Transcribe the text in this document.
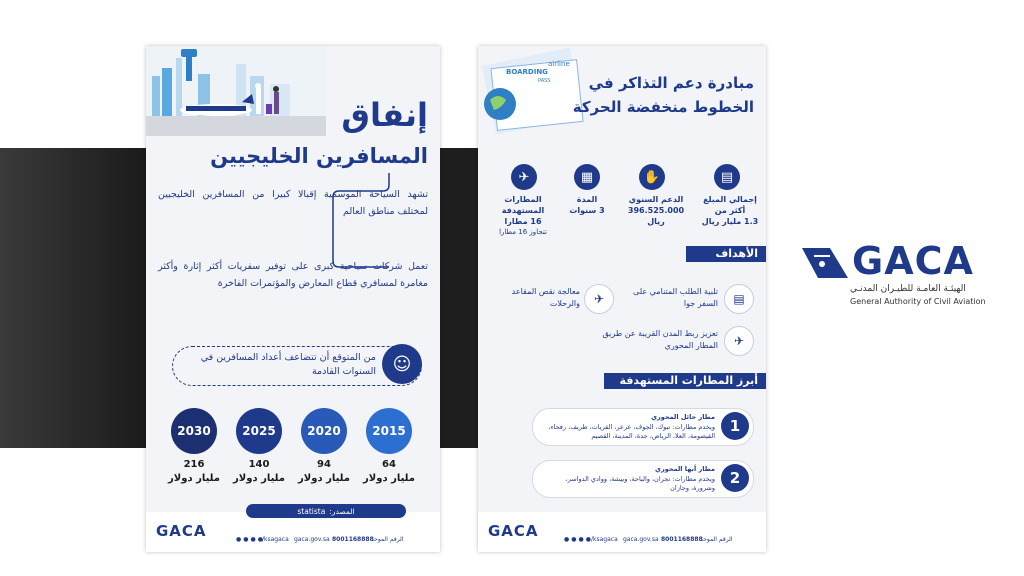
إنفاق
المسافرين الخليجيين
تشهد السياحة الموسمية إقبالا كبيرا من المسافرين الخليجيين لمختلف مناطق العالم
تعمل شركات سياحية كبرى على توفير سفريات أكثر إثارة وأكثر مغامرة لمسافري قطاع المعارض والمؤتمرات الفاخرة
من المتوقع أن تتضاعف أعداد المسافرين في السنوات القادمة ☺
2015
2020
2025
2030
64
مليار دولار
94
مليار دولار
140
مليار دولار
216
مليار دولار
المصدر:
statista
GACA	الرقم الموحد
8001168888
gaca.gov.sa
/ksagaca
●●●●
BOARDING
PASS
airline
مبادرة دعم التذاكر في
الخطوط منخفضة الحركة
▤
✋
▦
✈
إجمالي المبلغ
أكثر من
1.3 مليار ريال
الدعم السنوي
396.525.000 ريال
المدة
3 سنوات
المطارات المستهدفة
16 مطارا
تتجاوز 16 مطارا
الأهداف
▤
تلبية الطلب المتنامي على السفر جوا
✈
معالجة نقص المقاعد والرحلات
✈
تعزيز ربط المدن القريبة عن طريق المطار المحوري
أبرز المطارات المستهدفة
1
مطار حائل المحوري
ويخدم مطارات: تبوك، الجوف، عرعر، القريات، طريف، رفحاء، القيصومة، العلا، الرياض، جدة، المدينة، القصيم
2
مطار أبها المحوري
ويخدم مطارات: نجران، والباحة، وبيشة، ووادي الدواسر، وشرورة، وجازان
GACA	الرقم الموحد
8001168888
gaca.gov.sa
/ksagaca
●●●●
GACA
الهيئـة العامـة للطيـران المدنـي
General Authority of Civil Aviation
